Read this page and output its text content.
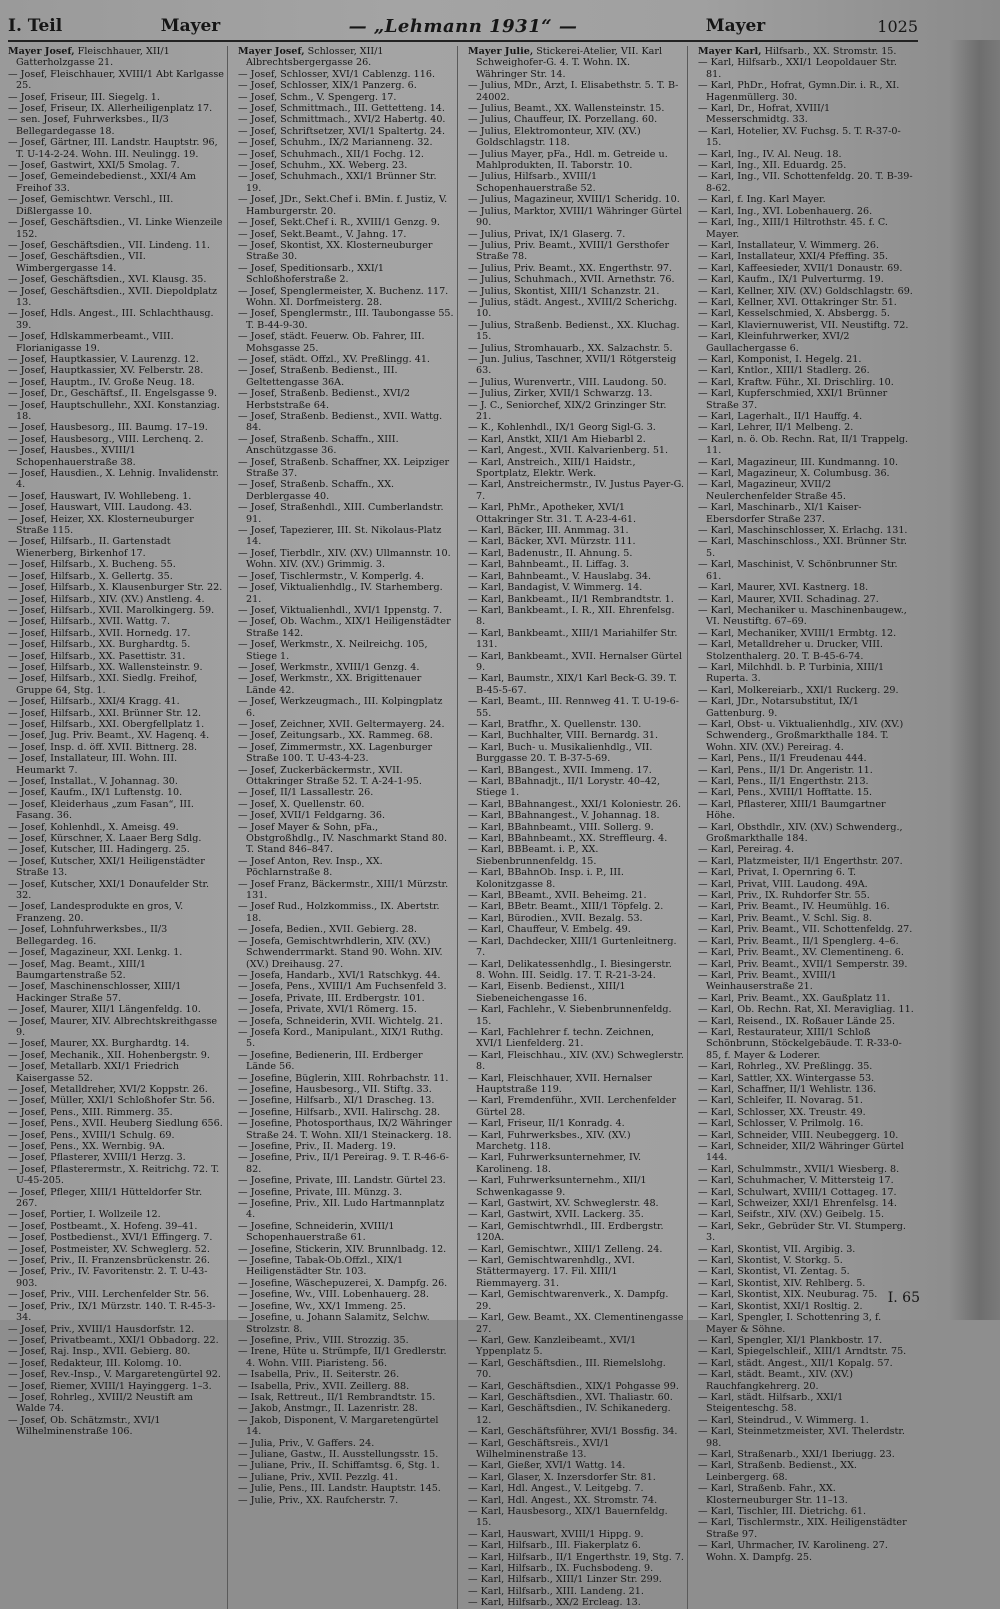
I. Teil	Mayer	— „Lehmann 1931“ —	Mayer	1025

Mayer Josef, Fleischhauer, XII/1 Gatterholzgasse 21.

— Josef, Fleischhauer, XVIII/1 Abt Karlgasse 25.

— Josef, Friseur, III. Siegelg. 1.

— Josef, Friseur, IX. Allerheiligenplatz 17.

— sen. Josef, Fuhrwerksbes., II/3 Bellegardegasse 18.

— Josef, Gärtner, III. Landstr. Hauptstr. 96, T. U-14-2-24. Wohn. III. Neulingg. 19.

— Josef, Gastwirt, XXI/5 Smolag. 7.

— Josef, Gemeindebedienst., XXI/4 Am Freihof 33.

— Josef, Gemischtwr. Verschl., III. Dißlergasse 10.

— Josef, Geschäftsdien., VI. Linke Wienzeile 152.

— Josef, Geschäftsdien., VII. Lindeng. 11.

— Josef, Geschäftsdien., VII. Wimbergergasse 14.

— Josef, Geschäftsdien., XVI. Klausg. 35.

— Josef, Geschäftsdien., XVII. Diepoldplatz 13.

— Josef, Hdls. Angest., III. Schlachthausg. 39.

— Josef, Hdlskammerbeamt., VIII. Florianigasse 19.

— Josef, Hauptkassier, V. Laurenzg. 12.

— Josef, Hauptkassier, XV. Felberstr. 28.

— Josef, Hauptm., IV. Große Neug. 18.

— Josef, Dr., Geschäftsf., II. Engelsgasse 9.

— Josef, Hauptschullehr., XXI. Konstanziag. 18.

— Josef, Hausbesorg., III. Baumg. 17–19.

— Josef, Hausbesorg., VIII. Lerchenq. 2.

— Josef, Hausbes., XVIII/1 Schopenhauerstraße 38.

— Josef, Hausdien., X. Lehnig. Invalidenstr. 4.

— Josef, Hauswart, IV. Wohllebeng. 1.

— Josef, Hauswart, VIII. Laudong. 43.

— Josef, Heizer, XX. Klosterneuburger Straße 115.

— Josef, Hilfsarb., II. Gartenstadt Wienerberg, Birkenhof 17.

— Josef, Hilfsarb., X. Bucheng. 55.

— Josef, Hilfsarb., X. Gellertg. 35.

— Josef, Hilfsarb., X. Klausenburger Str. 22.

— Josef, Hilfsarb., XIV. (XV.) Anstleng. 4.

— Josef, Hilfsarb., XVII. Marolkingerg. 59.

— Josef, Hilfsarb., XVII. Wattg. 7.

— Josef, Hilfsarb., XVII. Hornedg. 17.

— Josef, Hilfsarb., XX. Burghardtg. 5.

— Josef, Hilfsarb., XX. Pasettistr. 31.

— Josef, Hilfsarb., XX. Wallensteinstr. 9.

— Josef, Hilfsarb., XXI. Siedlg. Freihof, Gruppe 64, Stg. 1.

— Josef, Hilfsarb., XXI/4 Kragg. 41.

— Josef, Hilfsarb., XXI. Brünner Str. 12.

— Josef, Hilfsarb., XXI. Obergfellplatz 1.

— Josef, Jug. Priv. Beamt., XV. Hagenq. 4.

— Josef, Insp. d. öff. XVII. Bittnerg. 28.

— Josef, Installateur, III. Wohn. III. Heumarkt 7.

— Josef, Installat., V. Johannag. 30.

— Josef, Kaufm., IX/1 Luftenstg. 10.

— Josef, Kleiderhaus „zum Fasan“, III. Fasang. 36.

— Josef, Kohlenhdl., X. Ameisg. 49.

— Josef, Kürschner, X. Laaer Berg Sdlg.

— Josef, Kutscher, III. Hadingerg. 25.

— Josef, Kutscher, XXI/1 Heiligenstädter Straße 13.

— Josef, Kutscher, XXI/1 Donaufelder Str. 32.

— Josef, Landesprodukte en gros, V. Franzeng. 20.

— Josef, Lohnfuhrwerksbes., II/3 Bellegardeg. 16.

— Josef, Magazineur, XXI. Lenkg. 1.

— Josef, Mag. Beamt., XIII/1 Baumgartenstraße 52.

— Josef, Maschinenschlosser, XIII/1 Hackinger Straße 57.

— Josef, Maurer, XII/1 Längenfeldg. 10.

— Josef, Maurer, XIV. Albrechtskreithgasse 9.

— Josef, Maurer, XX. Burghardtg. 14.

— Josef, Mechanik., XII. Hohenbergstr. 9.

— Josef, Metallarb. XXI/1 Friedrich Kaisergasse 52.

— Josef, Metalldreher, XVI/2 Koppstr. 26.

— Josef, Müller, XXI/1 Schloßhofer Str. 56.

— Josef, Pens., XIII. Rimmerg. 35.

— Josef, Pens., XVII. Heuberg Siedlung 656.

— Josef, Pens., XVIII/1 Schulg. 69.

— Josef, Pens., XX. Wernbig. 9A.

— Josef, Pflasterer, XVIII/1 Herzg. 3.

— Josef, Pflasterermstr., X. Reitrichg. 72. T. U-45-205.

— Josef, Pfleger, XIII/1 Hütteldorfer Str. 267.

— Josef, Portier, I. Wollzeile 12.

— Josef, Postbeamt., X. Hofeng. 39–41.

— Josef, Postbedienst., XVI/1 Effingerg. 7.

— Josef, Postmeister, XV. Schweglerg. 52.

— Josef, Priv., II. Franzensbrückenstr. 26.

— Josef, Priv., IV. Favoritenstr. 2. T. U-43-903.

— Josef, Priv., VIII. Lerchenfelder Str. 56.

— Josef, Priv., IX/1 Mürzstr. 140. T. R-45-3-34.

— Josef, Priv., XVIII/1 Hausdorfstr. 12.

— Josef, Privatbeamt., XXI/1 Obbadorg. 22.

— Josef, Raj. Insp., XVII. Gebierg. 80.

— Josef, Redakteur, III. Kolomg. 10.

— Josef, Rev.-Insp., V. Margaretengürtel 92.

— Josef, Riemer, XVIII/1 Hayinggerg. 1–3.

— Josef, Rohrleg., XVIII/2 Neustift am Walde 74.

— Josef, Ob. Schätzmstr., XVI/1 Wilhelminenstraße 106.

Mayer Josef, Schlosser, XII/1 Albrechtsbergergasse 26.

— Josef, Schlosser, XVI/1 Cablenzg. 116.

— Josef, Schlosser, XIX/1 Panzerg. 6.

— Josef, Schm., V. Spengerg. 17.

— Josef, Schmittmach., III. Gettetteng. 14.

— Josef, Schmittmach., XVI/2 Habertg. 40.

— Josef, Schriftsetzer, XVI/1 Spaltertg. 24.

— Josef, Schuhm., IX/2 Marianneng. 32.

— Josef, Schuhmach., XII/1 Fochg. 12.

— Josef, Schuhm., XX. Weberg. 23.

— Josef, Schuhmach., XXI/1 Brünner Str. 19.

— Josef, JDr., Sekt.Chef i. BMin. f. Justiz, V. Hamburgerstr. 20.

— Josef, Sekt.Chef i. R., XVIII/1 Genzg. 9.

— Josef, Sekt.Beamt., V. Jahng. 17.

— Josef, Skontist, XX. Klosterneuburger Straße 30.

— Josef, Speditionsarb., XXI/1 Schloßhoferstraße 2.

— Josef, Spenglermeister, X. Buchenz. 117. Wohn. XI. Dorfmeisterg. 28.

— Josef, Spenglermstr., III. Taubongasse 55. T. B-44-9-30.

— Josef, städt. Feuerw. Ob. Fahrer, III. Mohsgasse 25.

— Josef, städt. Offzl., XV. Preßlingg. 41.

— Josef, Straßenb. Bedienst., III. Geltettengasse 36A.

— Josef, Straßenb. Bedienst., XVI/2 Herbststraße 64.

— Josef, Straßenb. Bedienst., XVII. Wattg. 84.

— Josef, Straßenb. Schaffn., XIII. Anschützgasse 36.

— Josef, Straßenb. Schaffner, XX. Leipziger Straße 37.

— Josef, Straßenb. Schaffn., XX. Derblergasse 40.

— Josef, Straßenhdl., XIII. Cumberlandstr. 91.

— Josef, Tapezierer, III. St. Nikolaus-Platz 14.

— Josef, Tierbdlr., XIV. (XV.) Ullmannstr. 10. Wohn. XIV. (XV.) Grimmig. 3.

— Josef, Tischlermstr., V. Komperlg. 4.

— Josef, Viktualienhdlg., IV. Starhemberg. 21.

— Josef, Viktualienhdl., XVI/1 Ippenstg. 7.

— Josef, Ob. Wachm., XIX/1 Heiligenstädter Straße 142.

— Josef, Werkmstr., X. Neilreichg. 105, Stiege 1.

— Josef, Werkmstr., XVIII/1 Genzg. 4.

— Josef, Werkmstr., XX. Brigittenauer Lände 42.

— Josef, Werkzeugmach., III. Kolpingplatz 6.

— Josef, Zeichner, XVII. Geltermayerg. 24.

— Josef, Zeitungsarb., XX. Rammeg. 68.

— Josef, Zimmermstr., XX. Lagenburger Straße 100. T. U-43-4-23.

— Josef, Zuckerbäckermstr., XVII. Ottakringer Straße 52. T. A-24-1-95.

— Josef, II/1 Lassallestr. 26.

— Josef, X. Quellenstr. 60.

— Josef, XVII/1 Feldgarng. 36.

— Josef Mayer & Sohn, pFa., Obstgroßhdlg., IV. Naschmarkt Stand 80. T. Stand 846–847.

— Josef Anton, Rev. Insp., XX. Pöchlarnstraße 8.

— Josef Franz, Bäckermstr., XIII/1 Mürzstr. 131.

— Josef Rud., Holzkommiss., IX. Abertstr. 18.

— Josefa, Bedien., XVII. Gebierg. 28.

— Josefa, Gemischtwrhdlerin, XIV. (XV.) Schwenderrmarkt. Stand 90. Wohn. XIV. (XV.) Dreihausg. 27.

— Josefa, Handarb., XVI/1 Ratschkyg. 44.

— Josefa, Pens., XVIII/1 Am Fuchsenfeld 3.

— Josefa, Private, III. Erdbergstr. 101.

— Josefa, Private, XVI/1 Römerg. 15.

— Josefa, Schneiderin, XVII. Wichtelg. 21.

— Josefa Kord., Manipulant., XIX/1 Ruthg. 5.

— Josefine, Bedienerin, III. Erdberger Lände 56.

— Josefine, Büglerin, XIII. Rohrbachstr. 11.

— Josefine, Hausbesorg., VII. Stiftg. 33.

— Josefine, Hilfsarb., XI/1 Drascheg. 13.

— Josefine, Hilfsarb., XVII. Halirschg. 28.

— Josefine, Photosporthaus, IX/2 Währinger Straße 24. T. Wohn. XII/1 Steinackerg. 18.

— Josefine, Priv., II. Maderg. 19.

— Josefine, Priv., II/1 Pereirag. 9. T. R-46-6-82.

— Josefine, Private, III. Landstr. Gürtel 23.

— Josefine, Private, III. Münzg. 3.

— Josefine, Priv., XII. Ludo Hartmannplatz 4.

— Josefine, Schneiderin, XVIII/1 Schopenhauerstraße 61.

— Josefine, Stickerin, XIV. Brunnlbadg. 12.

— Josefine, Tabak-Ob.Offzl., XIX/1 Heiligenstädter Str. 103.

— Josefine, Wäschepuzerei, X. Dampfg. 26.

— Josefine, Wv., VIII. Lobenhauerg. 28.

— Josefine, Wv., XX/1 Immeng. 25.

— Josefine, u. Johann Salamitz, Selchw. Strolzstr. 8.

— Josefine, Priv., VIII. Strozzig. 35.

— Irene, Hüte u. Strümpfe, II/1 Gredlerstr. 4. Wohn. VIII. Piaristeng. 56.

— Isabella, Priv., II. Seiterstr. 26.

— Isabella, Priv., XVII. Zeillerg. 88.

— Isak, Rettreut., II/1 Rembrandtstr. 15.

— Jakob, Anstmgr., II. Lazenristr. 28.

— Jakob, Disponent, V. Margaretengürtel 14.

— Julia, Priv., V. Gaffers. 24.

— Juliane, Gastw., II. Ausstellungsstr. 15.

— Juliane, Priv., II. Schiffamtsg. 6, Stg. 1.

— Juliane, Priv., XVII. Pezzlg. 41.

— Julie, Pens., III. Landstr. Hauptstr. 145.

— Julie, Priv., XX. Raufcherstr. 7.

Mayer Julie, Stickerei-Atelier, VII. Karl Schweighofer-G. 4. T. Wohn. IX. Währinger Str. 14.

— Julius, MDr., Arzt, I. Elisabethstr. 5. T. B-24002.

— Julius, Beamt., XX. Wallensteinstr. 15.

— Julius, Chauffeur, IX. Porzellang. 60.

— Julius, Elektromonteur, XIV. (XV.) Goldschlagstr. 118.

— Julius Mayer, pFa., Hdl. m. Getreide u. Mahlprodukten, II. Taborstr. 10.

— Julius, Hilfsarb., XVIII/1 Schopenhauerstraße 52.

— Julius, Magazineur, XVIII/1 Scheridg. 10.

— Julius, Marktor, XVIII/1 Währinger Gürtel 90.

— Julius, Privat, IX/1 Glaserg. 7.

— Julius, Priv. Beamt., XVIII/1 Gersthofer Straße 78.

— Julius, Priv. Beamt., XX. Engerthstr. 97.

— Julius, Schuhmach., XVII. Arnethstr. 76.

— Julius, Skontist, XIII/1 Schanzstr. 21.

— Julius, städt. Angest., XVIII/2 Scherichg. 10.

— Julius, Straßenb. Bedienst., XX. Kluchag. 15.

— Julius, Stromhauarb., XX. Salzachstr. 5.

— Jun. Julius, Taschner, XVII/1 Rötgersteig 63.

— Julius, Wurenvertr., VIII. Laudong. 50.

— Julius, Zirker, XVII/1 Schwarzg. 13.

— J. C., Seniorchef, XIX/2 Grinzinger Str. 21.

— K., Kohlenhdl., IX/1 Georg Sigl-G. 3.

— Karl, Anstkt, XII/1 Am Hiebarbl 2.

— Karl, Angest., XVII. Kalvarienberg. 51.

— Karl, Anstreich., XIII/1 Haidstr., Sportplatz, Elektr. Werk.

— Karl, Anstreichermstr., IV. Justus Payer-G. 7.

— Karl, PhMr., Apotheker, XVI/1 Ottakringer Str. 31. T. A-23-4-61.

— Karl, Bäcker, III. Anmmag. 31.

— Karl, Bäcker, XVI. Mürzstr. 111.

— Karl, Badenustr., II. Ahnung. 5.

— Karl, Bahnbeamt., II. Liffag. 3.

— Karl, Bahnbeamt., V. Hauslabg. 34.

— Karl, Bandagist, V. Wimmerg. 14.

— Karl, Bankbeamt., II/1 Rembrandtstr. 1.

— Karl, Bankbeamt., I. R., XII. Ehrenfelsg. 8.

— Karl, Bankbeamt., XIII/1 Mariahilfer Str. 131.

— Karl, Bankbeamt., XVII. Hernalser Gürtel 9.

— Karl, Baumstr., XIX/1 Karl Beck-G. 39. T. B-45-5-67.

— Karl, Beamt., III. Rennweg 41. T. U-19-6-55.

— Karl, Bratfhr., X. Quellenstr. 130.

— Karl, Buchhalter, VIII. Bernardg. 31.

— Karl, Buch- u. Musikalienhdlg., VII. Burggasse 20. T. B-37-5-69.

— Karl, BBangest., XVII. Immeng. 17.

— Karl, BBahnadjt., II/1 Lorystr. 40–42, Stiege 1.

— Karl, BBahnangest., XXI/1 Koloniestr. 26.

— Karl, BBahnangest., V. Johannag. 18.

— Karl, BBahnbeamt., VIII. Sollerg. 9.

— Karl, BBahnbeamt., XX. Streffleurg. 4.

— Karl, BBBeamt. i. P., XX. Siebenbrunnenfeldg. 15.

— Karl, BBahnOb. Insp. i. P., III. Kolonitzgasse 8.

— Karl, BBeamt., XVII. Beheimg. 21.

— Karl, BBetr. Beamt., XIII/1 Töpfelg. 2.

— Karl, Bürodien., XVII. Bezalg. 53.

— Karl, Chauffeur, V. Embelg. 49.

— Karl, Dachdecker, XIII/1 Gurtenleitnerg. 7.

— Karl, Delikatessenhdlg., I. Biesingerstr. 8. Wohn. III. Seidlg. 17. T. R-21-3-24.

— Karl, Eisenb. Bedienst., XIII/1 Siebeneichengasse 16.

— Karl, Fachlehr., V. Siebenbrunnenfeldg. 15.

— Karl, Fachlehrer f. techn. Zeichnen, XVI/1 Lienfelderg. 21.

— Karl, Fleischhau., XIV. (XV.) Schweglerstr. 8.

— Karl, Fleischhauer, XVII. Hernalser Hauptstraße 119.

— Karl, Fremdenführ., XVII. Lerchenfelder Gürtel 28.

— Karl, Friseur, II/1 Konradg. 4.

— Karl, Fuhrwerksbes., XIV. (XV.) Marchetg. 118.

— Karl, Fuhrwerksunternehmer, IV. Karolineng. 18.

— Karl, Fuhrwerksunternehm., XII/1 Schwenkagasse 9.

— Karl, Gastwirt, XV. Schweglerstr. 48.

— Karl, Gastwirt, XVII. Lackerg. 35.

— Karl, Gemischtwrhdl., III. Erdbergstr. 120A.

— Karl, Gemischtwr., XIII/1 Zelleng. 24.

— Karl, Gemischtwarenhdlg., XVI. Stättermayerg. 17. Fil. XIII/1 Riemmayerg. 31.

— Karl, Gemischtwarenverk., X. Dampfg. 29.

— Karl, Gew. Beamt., XX. Clementinengasse 27.

— Karl, Gew. Kanzleibeamt., XVI/1 Yppenplatz 5.

— Karl, Geschäftsdien., III. Riemelslohg. 70.

— Karl, Geschäftsdien., XIX/1 Pohgasse 99.

— Karl, Geschäftsdien., XVI. Thaliastr. 60.

— Karl, Geschäftsdien., IV. Schikanederg. 12.

— Karl, Geschäftsführer, XVI/1 Bossfig. 34.

— Karl, Geschäftsreis., XVI/1 Wilhelminenstraße 13.

— Karl, Gießer, XVI/1 Wattg. 14.

— Karl, Glaser, X. Inzersdorfer Str. 81.

— Karl, Hdl. Angest., V. Leitgebg. 7.

— Karl, Hdl. Angest., XX. Stromstr. 74.

— Karl, Hausbesorg., XIX/1 Bauernfeldg. 15.

— Karl, Hauswart, XVIII/1 Hippg. 9.

— Karl, Hilfsarb., III. Fiakerplatz 6.

— Karl, Hilfsarb., II/1 Engerthstr. 19, Stg. 7.

— Karl, Hilfsarb., IX. Fuchsbodeng. 9.

— Karl, Hilfsarb., XIII/1 Linzer Str. 299.

— Karl, Hilfsarb., XIII. Landeng. 21.

— Karl, Hilfsarb., XX/2 Ercleag. 13.

Mayer Karl, Hilfsarb., XX. Stromstr. 15.

— Karl, Hilfsarb., XXI/1 Leopoldauer Str. 81.

— Karl, PhDr., Hofrat, Gymn.Dir. i. R., XI. Hagenmüllerg. 30.

— Karl, Dr., Hofrat, XVIII/1 Messerschmidtg. 33.

— Karl, Hotelier, XV. Fuchsg. 5. T. R-37-0-15.

— Karl, Ing., IV. Al. Neug. 18.

— Karl, Ing., XII. Eduardg. 25.

— Karl, Ing., VII. Schottenfeldg. 20. T. B-39-8-62.

— Karl, f. Ing. Karl Mayer.

— Karl, Ing., XVI. Lobenhauerg. 26.

— Karl, Ing., XIII/1 Hiltrothstr. 45. f. C. Mayer.

— Karl, Installateur, V. Wimmerg. 26.

— Karl, Installateur, XXI/4 Pfeffing. 35.

— Karl, Kaffeesieder, XVII/1 Donaustr. 69.

— Karl, Kaufm., IX/1 Pulverturmg. 19.

— Karl, Kellner, XIV. (XV.) Goldschlagstr. 69.

— Karl, Kellner, XVI. Ottakringer Str. 51.

— Karl, Kesselschmied, X. Absbergg. 5.

— Karl, Klaviernuwerist, VII. Neustiftg. 72.

— Karl, Kleinfuhrwerker, XVI/2 Gaullachergasse 6.

— Karl, Komponist, I. Hegelg. 21.

— Karl, Kntlor., XIII/1 Stadlerg. 26.

— Karl, Kraftw. Führ., XI. Drischlirg. 10.

— Karl, Kupferschmied, XXI/1 Brünner Straße 37.

— Karl, Lagerhalt., II/1 Hauffg. 4.

— Karl, Lehrer, II/1 Melbeng. 2.

— Karl, n. ö. Ob. Rechn. Rat, II/1 Trappelg. 11.

— Karl, Magazineur, III. Kundmanng. 10.

— Karl, Magazineur, X. Columbusg. 36.

— Karl, Magazineur, XVII/2 Neulerchenfelder Straße 45.

— Karl, Maschinarb., XI/1 Kaiser-Ebersdorfer Straße 237.

— Karl, Maschinschlosser, X. Erlachg. 131.

— Karl, Maschinschloss., XXI. Brünner Str. 5.

— Karl, Maschinist, V. Schönbrunner Str. 61.

— Karl, Maurer, XVI. Kastnerg. 18.

— Karl, Maurer, XVII. Schadinag. 27.

— Karl, Mechaniker u. Maschinenbaugew., VI. Neustiftg. 67–69.

— Karl, Mechaniker, XVIII/1 Ermbtg. 12.

— Karl, Metalldreher u. Drucker, VIII. Stolzenthalerg. 20. T. B-45-6-74.

— Karl, Milchhdl. b. P. Turbinia, XIII/1 Ruperta. 3.

— Karl, Molkereiarb., XXI/1 Ruckerg. 29.

— Karl, JDr., Notarsubstitut, IX/1 Gattenburg. 9.

— Karl, Obst- u. Viktualienhdlg., XIV. (XV.) Schwenderg., Großmarkthalle 184. T. Wohn. XIV. (XV.) Pereirag. 4.

— Karl, Pens., II/1 Freudenau 444.

— Karl, Pens., II/1 Dr. Angeristr. 11.

— Karl, Pens., II/1 Engerthstr. 213.

— Karl, Pens., XVIII/1 Hofftatte. 15.

— Karl, Pflasterer, XIII/1 Baumgartner Höhe.

— Karl, Obsthdlr., XIV. (XV.) Schwenderg., Großmarkthalle 184.

— Karl, Pereirag. 4.

— Karl, Platzmeister, II/1 Engerthstr. 207.

— Karl, Privat, I. Opernring 6. T.

— Karl, Privat, VIII. Laudong. 49A.

— Karl, Priv., IX. Ruhdorfer Str. 55.

— Karl, Priv. Beamt., IV. Heumühlg. 16.

— Karl, Priv. Beamt., V. Schl. Sig. 8.

— Karl, Priv. Beamt., VII. Schottenfeldg. 27.

— Karl, Priv. Beamt., II/1 Spenglerg. 4–6.

— Karl, Priv. Beamt., XV. Clementineng. 6.

— Karl, Priv. Beamt., XVII/1 Semperstr. 39.

— Karl, Priv. Beamt., XVIII/1 Weinhauserstraße 21.

— Karl, Priv. Beamt., XX. Gaußplatz 11.

— Karl, Ob. Rechn. Rat, XI. Meravigliag. 11.

— Karl, Reisend., IX. Roßauer Lände 25.

— Karl, Restaurateur, XIII/1 Schloß Schönbrunn, Stöckelgebäude. T. R-33-0-85, f. Mayer & Loderer.

— Karl, Rohrleg., XV. Preßlingg. 35.

— Karl, Sattler, XX. Wintergasse 53.

— Karl, Schaffner, II/1 Wehlistr. 136.

— Karl, Schleifer, II. Novarag. 51.

— Karl, Schlosser, XX. Treustr. 49.

— Karl, Schlosser, V. Prilmolg. 16.

— Karl, Schneider, VIII. Neubeggerg. 10.

— Karl, Schneider, XII/2 Währinger Gürtel 144.

— Karl, Schulmmstr., XVII/1 Wiesberg. 8.

— Karl, Schuhmacher, V. Mittersteig 17.

— Karl, Schulwart, XVIII/1 Cottageg. 17.

— Karl, Schweizer, XXI/1 Ehrenfelsg. 14.

— Karl, Seifstr., XIV. (XV.) Geibelg. 15.

— Karl, Sekr., Gebrüder Str. VI. Stumperg. 3.

— Karl, Skontist, VII. Argibig. 3.

— Karl, Skontist, V. Storkg. 5.

— Karl, Skontist, VI. Zentag. 5.

— Karl, Skontist, XIV. Rehlberg. 5.

— Karl, Skontist, XIX. Neuburag. 75.

— Karl, Skontist, XXI/1 Rosltig. 2.

— Karl, Spengler, I. Schottenring 3, f. Mayer & Söhne.

— Karl, Spengler, XI/1 Plankbostr. 17.

— Karl, Spiegelschleif., XIII/1 Arndtstr. 75.

— Karl, städt. Angest., XII/1 Kopalg. 57.

— Karl, städt. Beamt., XIV. (XV.) Rauchfangkehrerg. 20.

— Karl, städt. Hilfsarb., XXI/1 Steigenteschg. 58.

— Karl, Steindrud., V. Wimmerg. 1.

— Karl, Steinmetzmeister, XVI. Thelerdstr. 98.

— Karl, Straßenarb., XXI/1 Iberiugg. 23.

— Karl, Straßenb. Bedienst., XX. Leinbergerg. 68.

— Karl, Straßenb. Fahr., XX. Klosterneuburger Str. 11–13.

— Karl, Tischler, III. Dietrichg. 61.

— Karl, Tischlermstr., XIX. Heiligenstädter Straße 97.

— Karl, Uhrmacher, IV. Karolineng. 27. Wohn. X. Dampfg. 25.

I. 65
